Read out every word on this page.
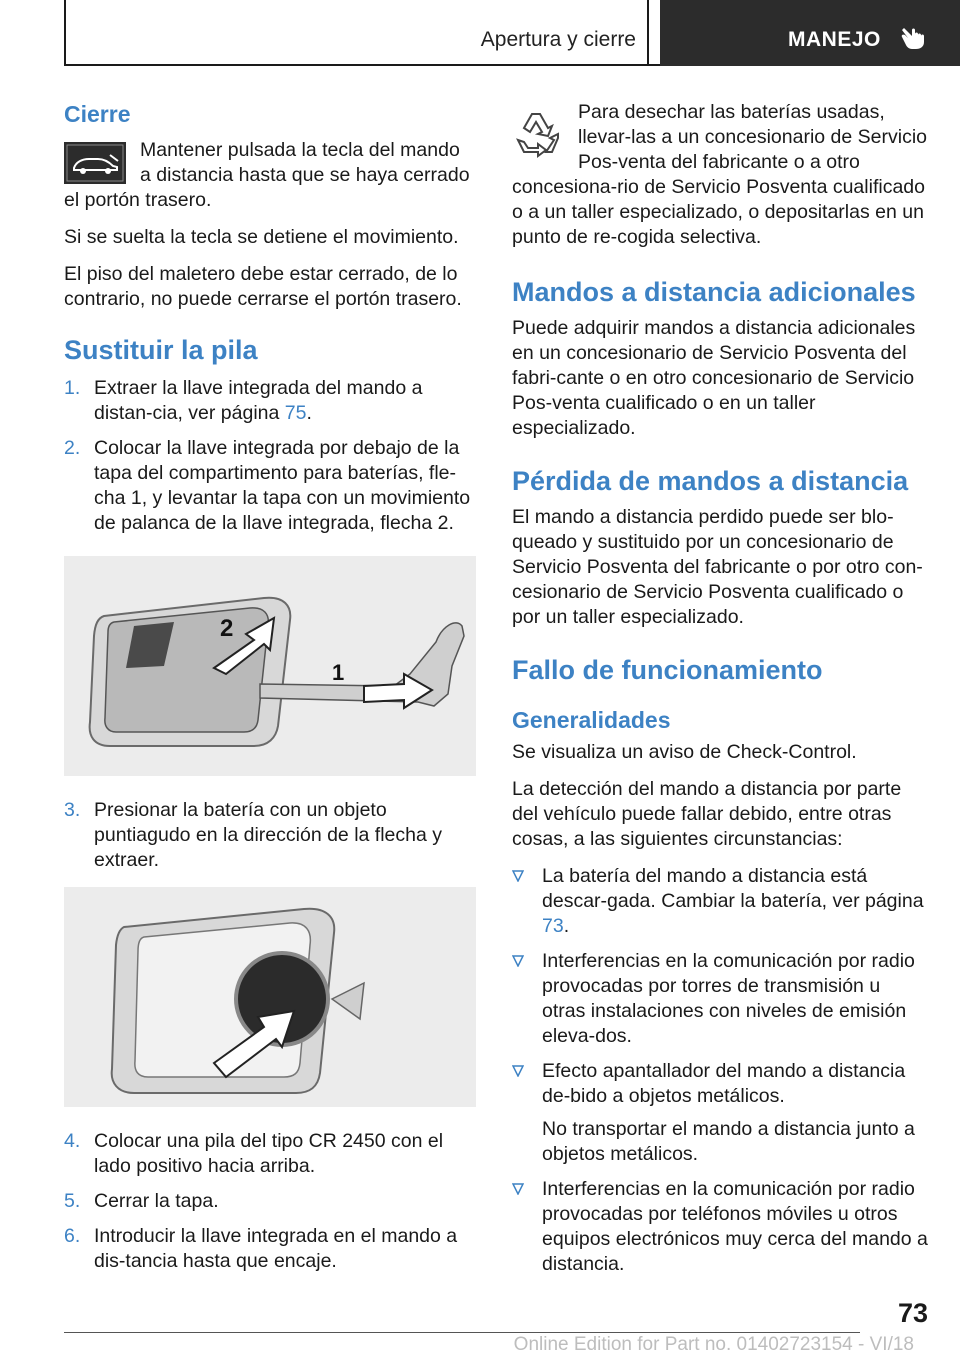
Apertura y cierre	MANEJO
Cierre

Mantener pulsada la tecla del mando a distancia hasta que se haya cerrado el portón trasero.

Si se suelta la tecla se detiene el movimiento.

El piso del maletero debe estar cerrado, de lo contrario, no puede cerrarse el portón trasero.

Sustituir la pila
1. Extraer la llave integrada del mando a distan-cia, ver página 75.
2. Colocar la llave integrada por debajo de la tapa del compartimento para baterías, fle-cha 1, y levantar la tapa con un movimiento de palanca de la llave integrada, flecha 2.
2
1
3. Presionar la batería con un objeto puntiagudo en la dirección de la flecha y extraer.
4. Colocar una pila del tipo CR 2450 con el lado positivo hacia arriba.
5. Cerrar la tapa.
6. Introducir la llave integrada en el mando a dis-tancia hasta que encaje.

Para desechar las baterías usadas, llevar-las a un concesionario de Servicio Pos-venta del fabricante o a otro concesiona-rio de Servicio Posventa cualificado o a un taller especializado, o depositarlas en un punto de re-cogida selectiva.

Mandos a distancia adicionales

Puede adquirir mandos a distancia adicionales en un concesionario de Servicio Posventa del fabri-cante o en otro concesionario de Servicio Pos-venta cualificado o en un taller especializado.

Pérdida de mandos a distancia

El mando a distancia perdido puede ser blo-queado y sustituido por un concesionario de Servicio Posventa del fabricante o por otro con-cesionario de Servicio Posventa cualificado o por un taller especializado.

Fallo de funcionamiento
Generalidades

Se visualiza un aviso de Check-Control.

La detección del mando a distancia por parte del vehículo puede fallar debido, entre otras cosas, a las siguientes circunstancias:

La batería del mando a distancia está descar-gada. Cambiar la batería, ver página 73.
Interferencias en la comunicación por radio provocadas por torres de transmisión u otras instalaciones con niveles de emisión eleva-dos.
Efecto apantallador del mando a distancia de-bido a objetos metálicos.

No transportar el mando a distancia junto a objetos metálicos.

Interferencias en la comunicación por radio provocadas por teléfonos móviles u otros equipos electrónicos muy cerca del mando a distancia.
73
Online Edition for Part no. 01402723154 - VI/18
